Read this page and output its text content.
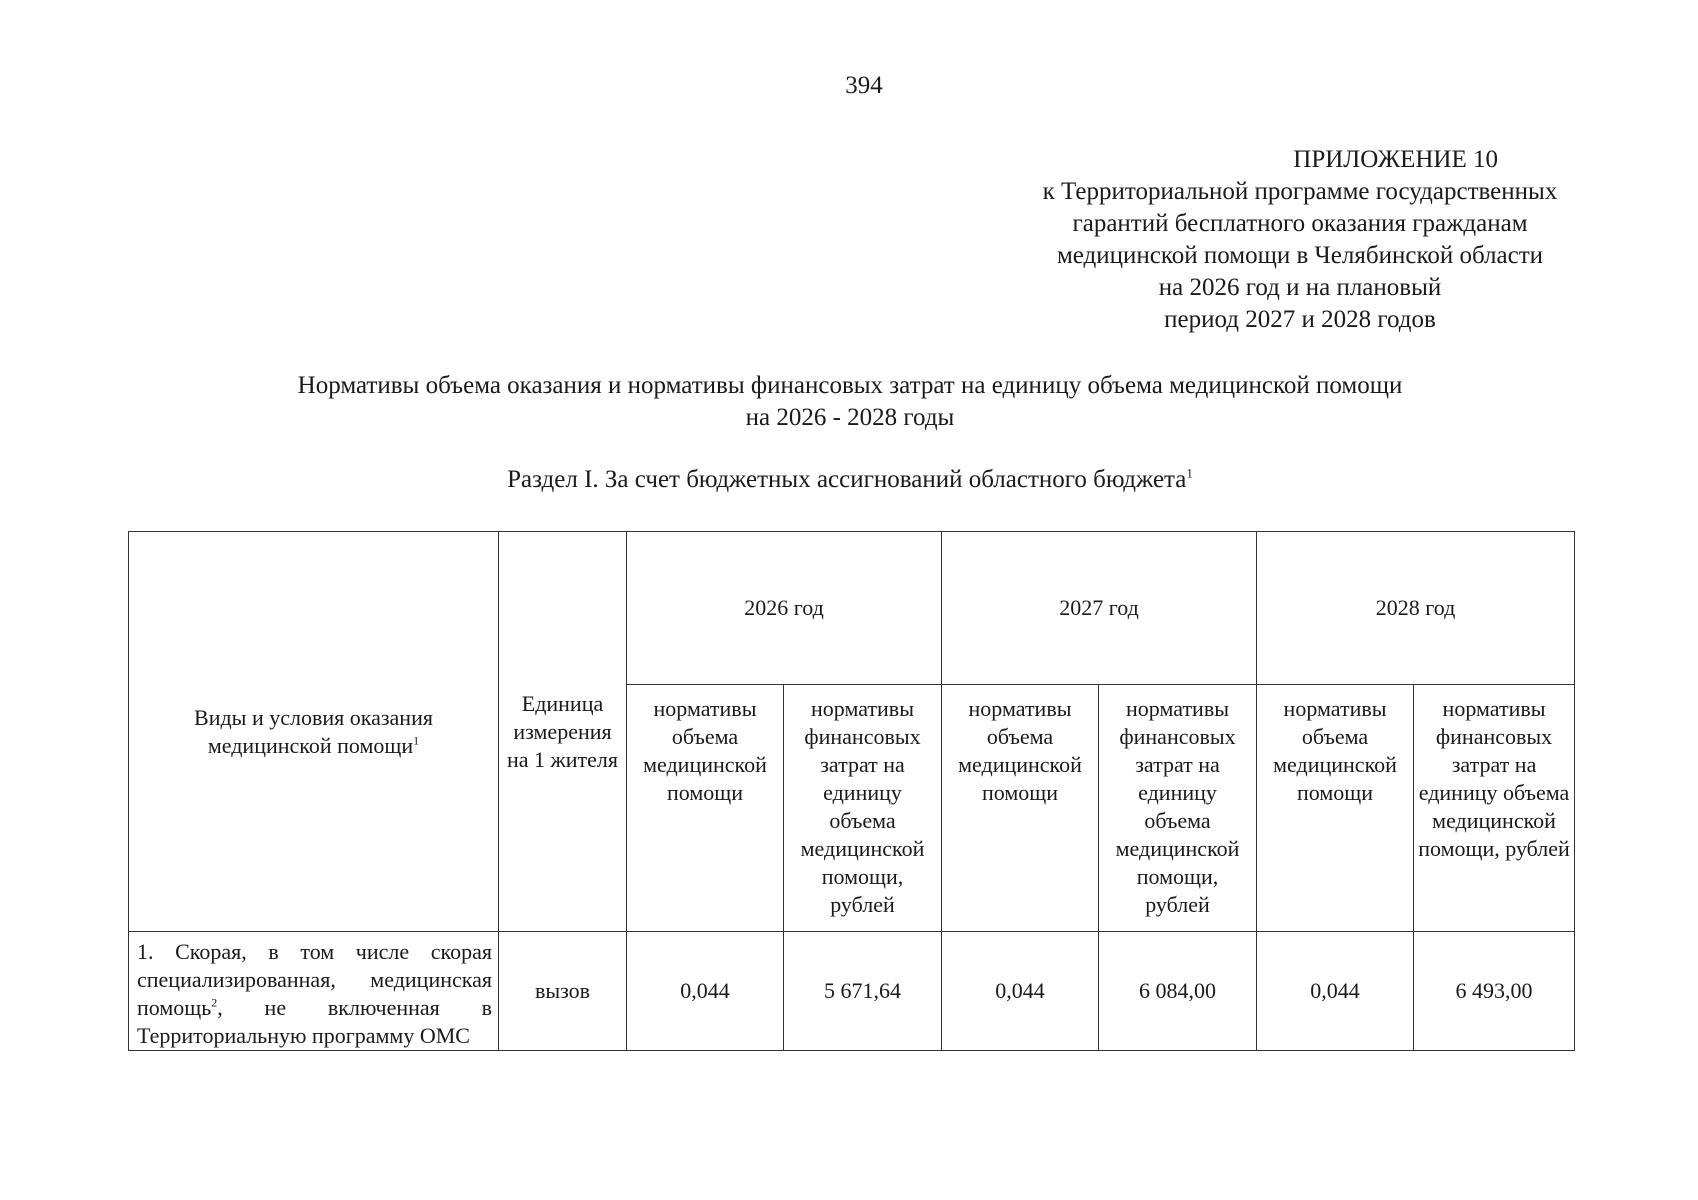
394
ПРИЛОЖЕНИЕ 10
к Территориальной программе государственных
гарантий бесплатного оказания гражданам
медицинской помощи в Челябинской области
на 2026 год и на плановый
период 2027 и 2028 годов
Нормативы объема оказания и нормативы финансовых затрат на единицу объема медицинской помощи
на 2026 - 2028 годы
Раздел I. За счет бюджетных ассигнований областного бюджета$^1$
Виды и условия оказания медицинской помощи$^1$	Единица измерения на 1 жителя	2026 год		2027 год		2028 год	
		нормативы объема медицинской помощи	нормативы финансовых затрат на единицу объема медицинской помощи, рублей	нормативы объема медицинской помощи	нормативы финансовых затрат на единицу объема медицинской помощи, рублей	нормативы объема медицинской помощи	нормативы финансовых затрат на единицу объема медицинской помощи, рублей
1. Скорая, в том числе скорая специализированная, медицинская помощь$^2$, не включенная в Территориальную программу ОМС	вызов	0,044	5 671,64	0,044	6 084,00	0,044	6 493,00
